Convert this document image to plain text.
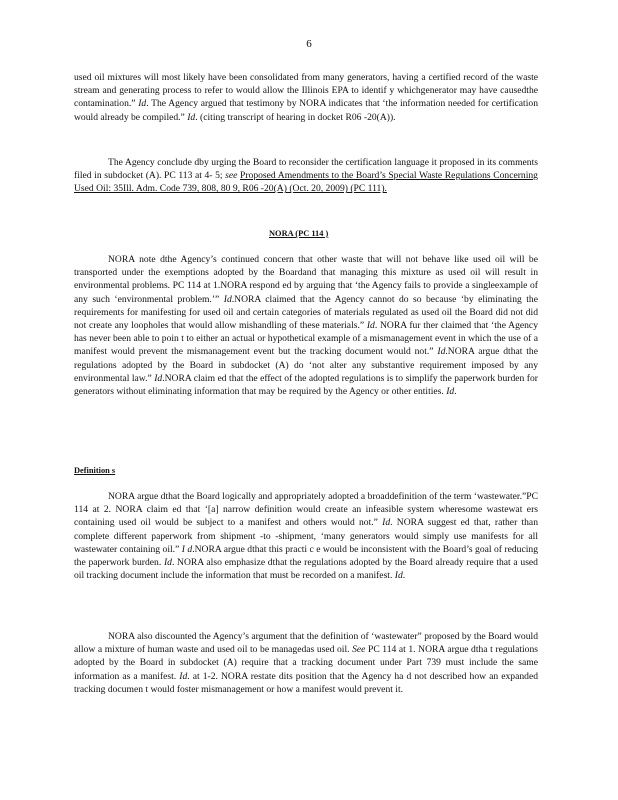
6

used oil mixtures will most likely have been consolidated from many generators, having a certified record of the waste stream and generating process to refer to would allow the Illinois EPA to identif y whichgenerator may have causedthe contamination.” Id. The Agency argued that testimony by NORA indicates that ‘the information needed for certification would already be compiled.” Id. (citing transcript of hearing in docket R06 -20(A)).

The Agency conclude dby urging the Board to reconsider the certification language it proposed in its comments filed in subdocket (A). PC 113 at 4- 5; see Proposed Amendments to the Board’s Special Waste Regulations Concerning Used Oil: 35Ill. Adm. Code 739, 808, 80 9, R06 -20(A) (Oct. 20, 2009) (PC 111).

NORA (PC 114 )

NORA note dthe Agency’s continued concern that other waste that will not behave like used oil will be transported under the exemptions adopted by the Boardand that managing this mixture as used oil will result in environmental problems. PC 114 at 1.NORA respond ed by arguing that ‘the Agency fails to provide a singleexample of any such ‘environmental problem.’” Id.NORA claimed that the Agency cannot do so because ‘by eliminating the requirements for manifesting for used oil and certain categories of materials regulated as used oil the Board did not did not create any loopholes that would allow mishandling of these materials.” Id. NORA fur ther claimed that ‘the Agency has never been able to poin t to either an actual or hypothetical example of a mismanagement event in which the use of a manifest would prevent the mismanagement event but the tracking document would not.” Id.NORA argue dthat the regulations adopted by the Board in subdocket (A) do ‘not alter any substantive requirement imposed by any environmental law.” Id.NORA claim ed that the effect of the adopted regulations is to simplify the paperwork burden for generators without eliminating information that may be required by the Agency or other entities. Id.

Definition s

NORA argue dthat the Board logically and appropriately adopted a broaddefinition of the term ‘wastewater.”PC 114 at 2. NORA claim ed that ‘[a] narrow definition would create an infeasible system wheresome wastewat ers containing used oil would be subject to a manifest and others would not.” Id. NORA suggest ed that, rather than complete different paperwork from shipment -to -shipment, ‘many generators would simply use manifests for all wastewater containing oil.” I d.NORA argue dthat this practi c e would be inconsistent with the Board’s goal of reducing the paperwork burden. Id. NORA also emphasize dthat the regulations adopted by the Board already require that a used oil tracking document include the information that must be recorded on a manifest. Id.

NORA also discounted the Agency’s argument that the definition of ‘wastewater” proposed by the Board would allow a mixture of human waste and used oil to be managedas used oil. See PC 114 at 1. NORA argue dtha t regulations adopted by the Board in subdocket (A) require that a tracking document under Part 739 must include the same information as a manifest. Id. at 1-2. NORA restate dits position that the Agency ha d not described how an expanded tracking documen t would foster mismanagement or how a manifest would prevent it.
